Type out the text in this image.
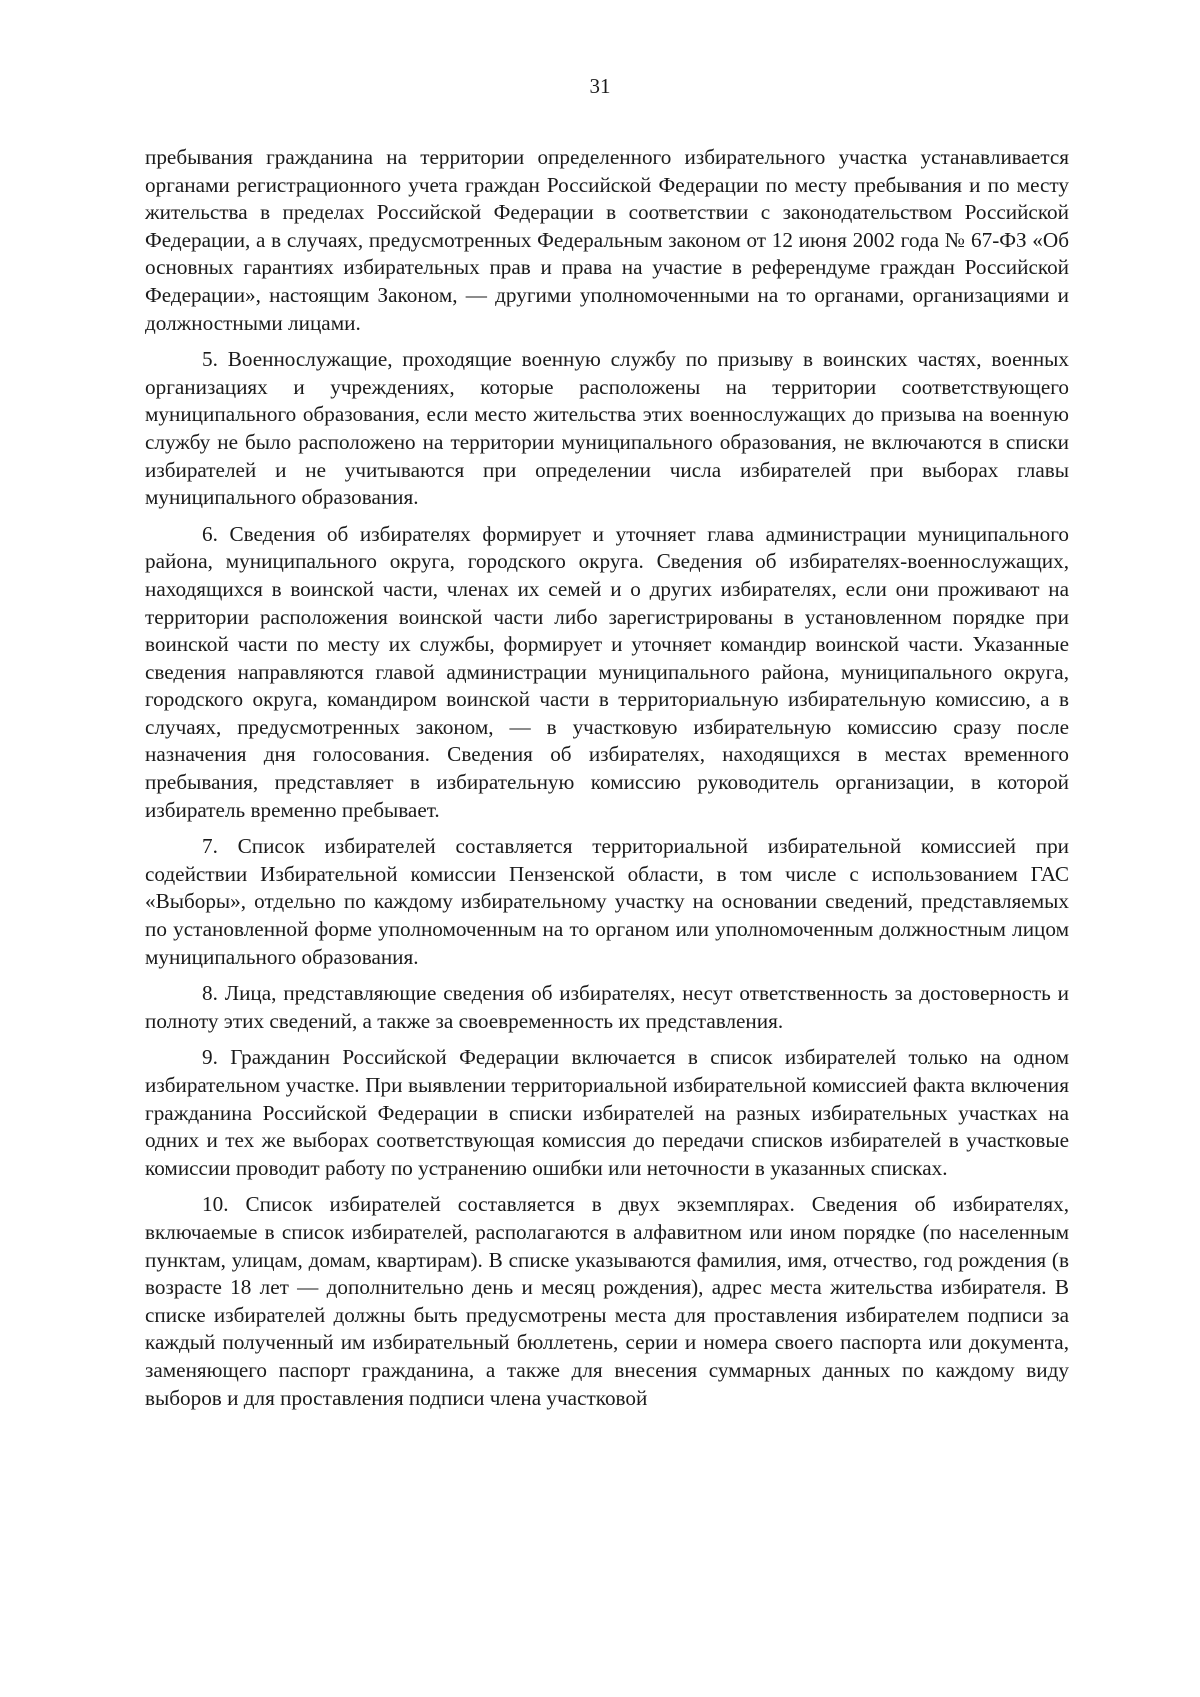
31

пребывания гражданина на территории определенного избирательного участка устанавливается органами регистрационного учета граждан Российской Федерации по месту пребывания и по месту жительства в пределах Российской Федерации в соответствии с законодательством Российской Федерации, а в случаях, предусмотренных Федеральным законом от 12 июня 2002 года № 67-ФЗ «Об основных гарантиях избирательных прав и права на участие в референдуме граждан Российской Федерации», настоящим Законом, — другими уполномоченными на то органами, организациями и должностными лицами.

5. Военнослужащие, проходящие военную службу по призыву в воинских частях, военных организациях и учреждениях, которые расположены на территории соответствующего муниципального образования, если место жительства этих военнослужащих до призыва на военную службу не было расположено на территории муниципального образования, не включаются в списки избирателей и не учитываются при определении числа избирателей при выборах главы муниципального образования.

6. Сведения об избирателях формирует и уточняет глава администрации муниципального района, муниципального округа, городского округа. Сведения об избирателях-военнослужащих, находящихся в воинской части, членах их семей и о других избирателях, если они проживают на территории расположения воинской части либо зарегистрированы в установленном порядке при воинской части по месту их службы, формирует и уточняет командир воинской части. Указанные сведения направляются главой администрации муниципального района, муниципального округа, городского округа, командиром воинской части в территориальную избирательную комиссию, а в случаях, предусмотренных законом, — в участковую избирательную комиссию сразу после назначения дня голосования. Сведения об избирателях, находящихся в местах временного пребывания, представляет в избирательную комиссию руководитель организации, в которой избиратель временно пребывает.

7. Список избирателей составляется территориальной избирательной комиссией при содействии Избирательной комиссии Пензенской области, в том числе с использованием ГАС «Выборы», отдельно по каждому избирательному участку на основании сведений, представляемых по установленной форме уполномоченным на то органом или уполномоченным должностным лицом муниципального образования.

8. Лица, представляющие сведения об избирателях, несут ответственность за достоверность и полноту этих сведений, а также за своевременность их представления.

9. Гражданин Российской Федерации включается в список избирателей только на одном избирательном участке. При выявлении территориальной избирательной комиссией факта включения гражданина Российской Федерации в списки избирателей на разных избирательных участках на одних и тех же выборах соответствующая комиссия до передачи списков избирателей в участковые комиссии проводит работу по устранению ошибки или неточности в указанных списках.

10. Список избирателей составляется в двух экземплярах. Сведения об избирателях, включаемые в список избирателей, располагаются в алфавитном или ином порядке (по населенным пунктам, улицам, домам, квартирам). В списке указываются фамилия, имя, отчество, год рождения (в возрасте 18 лет — дополнительно день и месяц рождения), адрес места жительства избирателя. В списке избирателей должны быть предусмотрены места для проставления избирателем подписи за каждый полученный им избирательный бюллетень, серии и номера своего паспорта или документа, заменяющего паспорт гражданина, а также для внесения суммарных данных по каждому виду выборов и для проставления подписи члена участковой
